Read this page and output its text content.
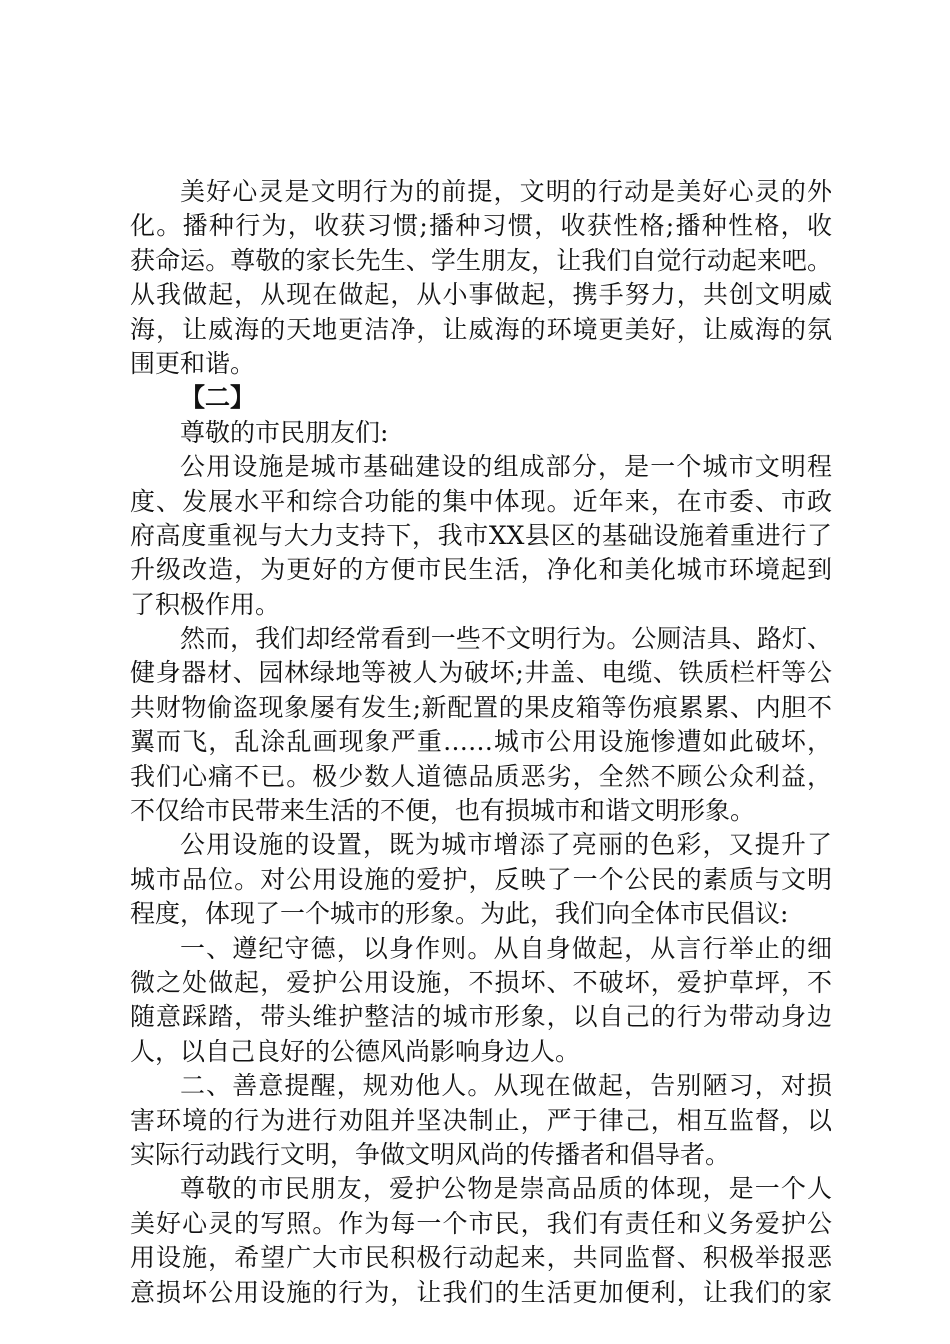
美好心灵是文明行为的前提，文明的行动是美好心灵的外
化。播种行为，收获习惯;播种习惯，收获性格;播种性格，收
获命运。尊敬的家长先生、学生朋友，让我们自觉行动起来吧。
从我做起，从现在做起，从小事做起，携手努力，共创文明威
海，让威海的天地更洁净，让威海的环境更美好，让威海的氛
围更和谐。
【二】
尊敬的市民朋友们:
公用设施是城市基础建设的组成部分，是一个城市文明程
度、发展水平和综合功能的集中体现。近年来，在市委、市政
府高度重视与大力支持下，我市XX县区的基础设施着重进行了
升级改造，为更好的方便市民生活，净化和美化城市环境起到
了积极作用。
然而，我们却经常看到一些不文明行为。公厕洁具、路灯、
健身器材、园林绿地等被人为破坏;井盖、电缆、铁质栏杆等公
共财物偷盗现象屡有发生;新配置的果皮箱等伤痕累累、内胆不
翼而飞，乱涂乱画现象严重……城市公用设施惨遭如此破坏，
我们心痛不已。极少数人道德品质恶劣，全然不顾公众利益，
不仅给市民带来生活的不便，也有损城市和谐文明形象。
公用设施的设置，既为城市增添了亮丽的色彩，又提升了
城市品位。对公用设施的爱护，反映了一个公民的素质与文明
程度，体现了一个城市的形象。为此，我们向全体市民倡议:
一、遵纪守德，以身作则。从自身做起，从言行举止的细
微之处做起，爱护公用设施，不损坏、不破坏，爱护草坪，不
随意踩踏，带头维护整洁的城市形象，以自己的行为带动身边
人，以自己良好的公德风尚影响身边人。
二、善意提醒，规劝他人。从现在做起，告别陋习，对损
害环境的行为进行劝阻并坚决制止，严于律己，相互监督，以
实际行动践行文明，争做文明风尚的传播者和倡导者。
尊敬的市民朋友，爱护公物是崇高品质的体现，是一个人
美好心灵的写照。作为每一个市民，我们有责任和义务爱护公
用设施，希望广大市民积极行动起来，共同监督、积极举报恶
意损坏公用设施的行为，让我们的生活更加便利，让我们的家
